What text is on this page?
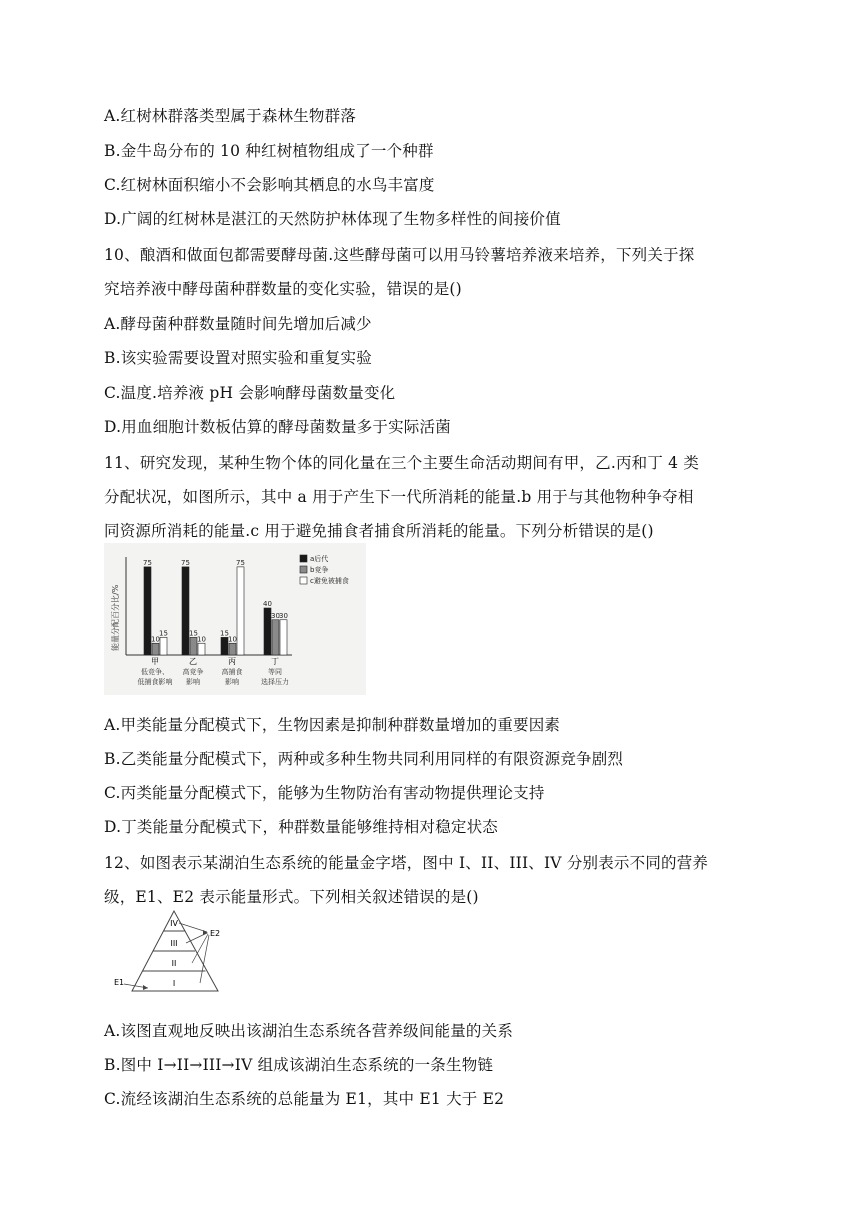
A.红树林群落类型属于森林生物群落
B.金牛岛分布的 10 种红树植物组成了一个种群
C.红树林面积缩小不会影响其栖息的水鸟丰富度
D.广阔的红树林是湛江的天然防护林体现了生物多样性的间接价值
10、酿酒和做面包都需要酵母菌.这些酵母菌可以用马铃薯培养液来培养，下列关于探
究培养液中酵母菌种群数量的变化实验，错误的是()
A.酵母菌种群数量随时间先增加后减少
B.该实验需要设置对照实验和重复实验
C.温度.培养液 pH 会影响酵母菌数量变化
D.用血细胞计数板估算的酵母菌数量多于实际活菌
11、研究发现，某种生物个体的同化量在三个主要生命活动期间有甲，乙.丙和丁 4 类
分配状况，如图所示，其中 a 用于产生下一代所消耗的能量.b 用于与其他物种争夺相
同资源所消耗的能量.c 用于避免捕食者捕食所消耗的能量。下列分析错误的是()
A.甲类能量分配模式下，生物因素是抑制种群数量增加的重要因素
B.乙类能量分配模式下，两种或多种生物共同利用同样的有限资源竞争剧烈
C.丙类能量分配模式下，能够为生物防治有害动物提供理论支持
D.丁类能量分配模式下，种群数量能够维持相对稳定状态
12、如图表示某湖泊生态系统的能量金字塔，图中 I、II、III、IV 分别表示不同的营养
级，E1、E2 表示能量形式。下列相关叙述错误的是()
A.该图直观地反映出该湖泊生态系统各营养级间能量的关系
B.图中 I→II→III→IV 组成该湖泊生态系统的一条生物链
C.流经该湖泊生态系统的总能量为 E1，其中 E1 大于 E2
能量分配百分比/%
75
10
15
甲
低竞争、
低捕食影响
75
15
10
乙
高竞争
影响
15
10
75
丙
高捕食
影响
40
30 30
丁
等同
选择压力
a后代
b竞争
c避免被捕食
IV
III
II
I
E1
E2
